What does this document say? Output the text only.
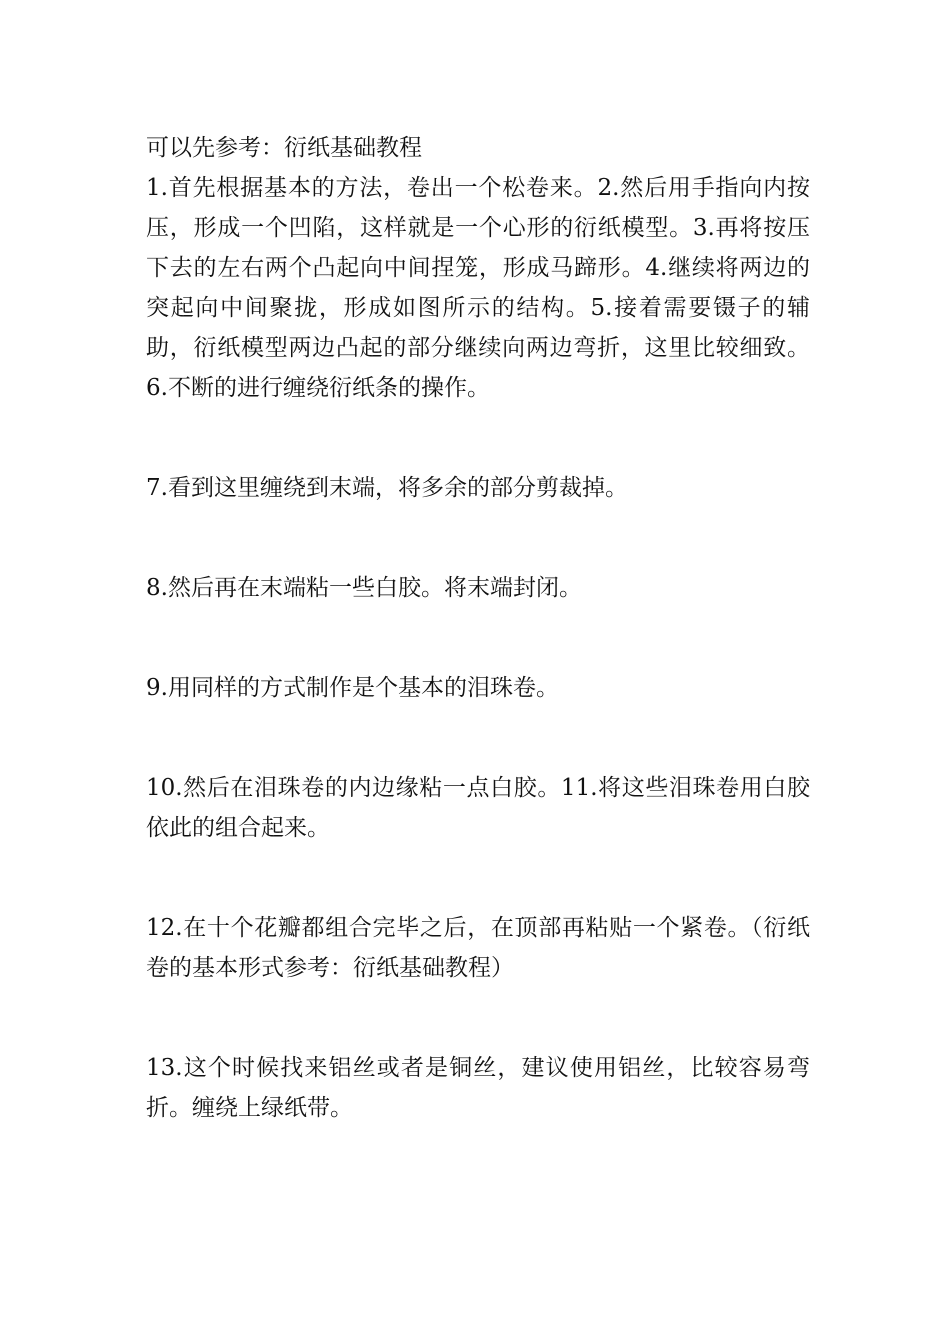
可以先参考：衍纸基础教程

1.首先根据基本的方法，卷出一个松卷来。2.然后用手指向内按压，形成一个凹陷，这样就是一个心形的衍纸模型。3.再将按压下去的左右两个凸起向中间捏笼，形成马蹄形。4.继续将两边的突起向中间聚拢，形成如图所示的结构。5.接着需要镊子的辅助，衍纸模型两边凸起的部分继续向两边弯折，这里比较细致。6.不断的进行缠绕衍纸条的操作。

7.看到这里缠绕到末端，将多余的部分剪裁掉。

8.然后再在末端粘一些白胶。将末端封闭。

9.用同样的方式制作是个基本的泪珠卷。

10.然后在泪珠卷的内边缘粘一点白胶。11.将这些泪珠卷用白胶依此的组合起来。

12.在十个花瓣都组合完毕之后，在顶部再粘贴一个紧卷。（衍纸卷的基本形式参考：衍纸基础教程）

13.这个时候找来铝丝或者是铜丝，建议使用铝丝，比较容易弯折。缠绕上绿纸带。
